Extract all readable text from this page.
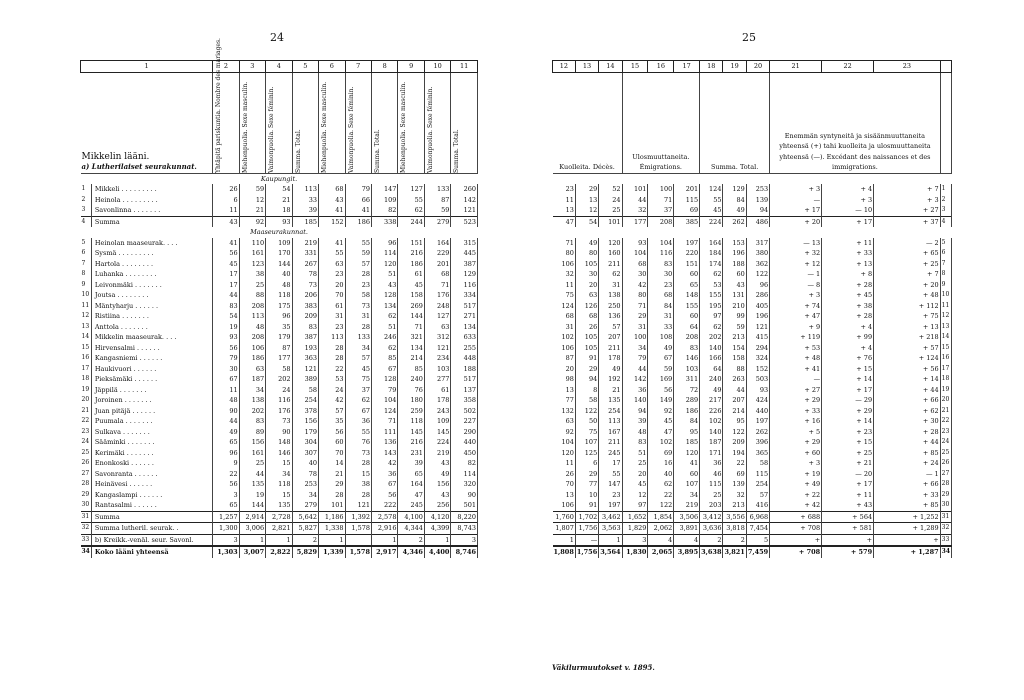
24
1		2	3	4	5	6	7	8	9	10	11

Mikkelin lääni.
a) Lutherilaiset seurakunnat.		Yhtäpitä pariskuntia. Nombre des mariages.	Miehenpuolia. Sexe masculin.	Vaimonpuolia. Sexe féminin.	Summa. Total.	Miehenpuolia. Sexe masculin.	Vaimonpuolia. Sexe féminin.	Summa. Total.	Miehenpuolia. Sexe masculin.	Vaimonpuolia. Sexe féminin.	Summa. Total.

Kaupungit.											
1	Mikkeli . . . . . . . . .	26	59	54	113	68	79	147	127	133	260
2	Heinola . . . . . . . . .	6	12	21	33	43	66	109	55	87	142
3	Savonlinna . . . . . . .	11	21	18	39	41	41	82	62	59	121
4	Summa	43	92	93	185	152	186	338	244	279	523
Maaseurakunnat.											
5	Heinolan maaseurak. . . .	41	110	109	219	41	55	96	151	164	315
6	Sysmä . . . . . . . . .	56	161	170	331	55	59	114	216	229	445
7	Hartola . . . . . . . .	45	123	144	267	63	57	120	186	201	387
8	Luhanka . . . . . . . .	17	38	40	78	23	28	51	61	68	129
9	Leivonmäki . . . . . . .	17	25	48	73	20	23	43	45	71	116
10	Joutsa . . . . . . . .	44	88	118	206	70	58	128	158	176	334
11	Mäntyharju . . . . . .	83	208	175	383	61	73	134	269	248	517
12	Ristiina . . . . . . .	54	113	96	209	31	31	62	144	127	271
13	Anttola . . . . . . .	19	48	35	83	23	28	51	71	63	134
14	Mikkelin maaseurak. . . .	93	208	179	387	113	133	246	321	312	633
15	Hirvensalmi . . . . . .	56	106	87	193	28	34	62	134	121	255
16	Kangasniemi . . . . . .	79	186	177	363	28	57	85	214	234	448
17	Haukivuori . . . . . .	30	63	58	121	22	45	67	85	103	188
18	Pieksämäki . . . . . .	67	187	202	389	53	75	128	240	277	517
19	Jäppilä . . . . . . .	11	34	24	58	24	37	79	76	61	137
20	Joroinen . . . . . . .	48	138	116	254	42	62	104	180	178	358
21	Juan pitäjä . . . . . .	90	202	176	378	57	67	124	259	243	502
22	Puumala . . . . . . .	44	83	73	156	35	36	71	118	109	227
23	Sulkava . . . . . . .	49	89	90	179	56	55	111	145	145	290
24	Sääminki . . . . . . .	65	156	148	304	60	76	136	216	224	440
25	Kerimäki . . . . . . .	96	161	146	307	70	73	143	231	219	450
26	Enonkoski . . . . . .	9	25	15	40	14	28	42	39	43	82
27	Savonranta . . . . . .	22	44	34	78	21	15	36	65	49	114
28	Heinävesi . . . . . .	56	135	118	253	29	38	67	164	156	320
29	Kangaslampi . . . . . .	3	19	15	34	28	28	56	47	43	90
30	Rantasalmi . . . . . .	65	144	135	279	101	121	222	245	256	501
31	Summa	1,257	2,914	2,728	5,642	1,186	1,392	2,578	4,100	4,120	8,220
32	Summa lutheril. seurak. .	1,300	3,006	2,821	5,827	1,338	1,578	2,916	4,344	4,399	8,743
33	b) Kreikk.-venäl. seur. Savonl.	3	1	1	2	1		1	2	1	3
34	Koko lääni yhteensä	1,303	3,007	2,822	5,829	1,339	1,578	2,917	4,346	4,400	8,746
25
12	13	14	15	16	17	18	19	20	21	22	23	

Kuolleita. Décès.			Ulosmuuttaneita. Émigrations.			Summa. Total.			Enemmän syntyneitä ja sisäänmuuttaneita yhteensä (+) tahi kuolleita ja ulosmuuttaneita yhteensä (—). Excédant des naissances et des immigrations.			

23	29	52	101	100	201	124	129	253	+ 3	+ 4	+ 7	1
11	13	24	44	71	115	55	84	139	—	+ 3	+ 3	2
13	12	25	32	37	69	45	49	94	+ 17	— 10	+ 27	3
47	54	101	177	208	385	224	262	486	+ 20	+ 17	+ 37	4

71	49	120	93	104	197	164	153	317	— 13	+ 11	— 2	5
80	80	160	104	116	220	184	196	380	+ 32	+ 33	+ 65	6
106	105	211	68	83	151	174	188	362	+ 12	+ 13	+ 25	7
32	30	62	30	30	60	62	60	122	— 1	+ 8	+ 7	8
11	20	31	42	23	65	53	43	96	— 8	+ 28	+ 20	9
75	63	138	80	68	148	155	131	286	+ 3	+ 45	+ 48	10
124	126	250	71	84	155	195	210	405	+ 74	+ 38	+ 112	11
68	68	136	29	31	60	97	99	196	+ 47	+ 28	+ 75	12
31	26	57	31	33	64	62	59	121	+ 9	+ 4	+ 13	13
102	105	207	100	108	208	202	213	415	+ 119	+ 99	+ 218	14
106	105	211	34	49	83	140	154	294	+ 53	+ 4	+ 57	15
87	91	178	79	67	146	166	158	324	+ 48	+ 76	+ 124	16
20	29	49	44	59	103	64	88	152	+ 41	+ 15	+ 56	17
98	94	192	142	169	311	240	263	503	—	+ 14	+ 14	18
13	8	21	36	56	72	49	44	93	+ 27	+ 17	+ 44	19
77	58	135	140	149	289	217	207	424	+ 29	— 29	+ 66	20
132	122	254	94	92	186	226	214	440	+ 33	+ 29	+ 62	21
63	50	113	39	45	84	102	95	197	+ 16	+ 14	+ 30	22
92	75	167	48	47	95	140	122	262	+ 5	+ 23	+ 28	23
104	107	211	83	102	185	187	209	396	+ 29	+ 15	+ 44	24
120	125	245	51	69	120	171	194	365	+ 60	+ 25	+ 85	25
11	6	17	25	16	41	36	22	58	+ 3	+ 21	+ 24	26
26	29	55	20	40	60	46	69	115	+ 19	— 20	— 1	27
70	77	147	45	62	107	115	139	254	+ 49	+ 17	+ 66	28
13	10	23	12	22	34	25	32	57	+ 22	+ 11	+ 33	29
106	91	197	97	122	219	203	213	416	+ 42	+ 43	+ 85	30
1,760	1,702	3,462	1,652	1,854	3,506	3,412	3,556	6,968	+ 688	+ 564	+ 1,252	31
1,807	1,756	3,563	1,829	2,062	3,891	3,636	3,818	7,454	+ 708	+ 581	+ 1,289	32
1	—	1	3	4	4	2	2	5	+	+	+	33
1,808	1,756	3,564	1,830	2,065	3,895	3,638	3,821	7,459	+ 708	+ 579	+ 1,287	34
Väkilurmuutokset v. 1895.
